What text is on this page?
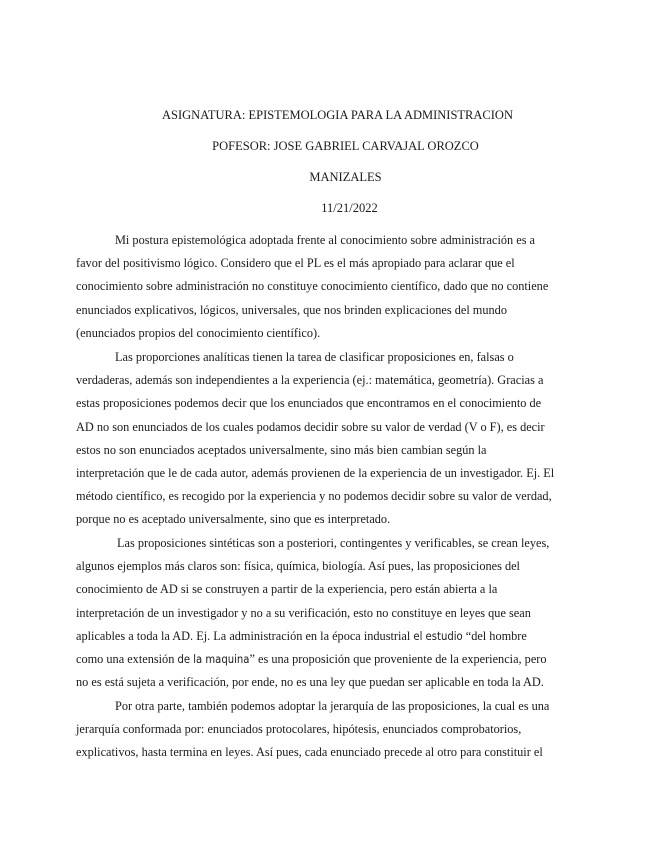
ASIGNATURA: EPISTEMOLOGIA PARA LA ADMINISTRACION
POFESOR: JOSE GABRIEL CARVAJAL OROZCO
MANIZALES
11/21/2022
Mi postura epistemológica adoptada frente al conocimiento sobre administración es a
favor del positivismo lógico. Considero que el PL es el más apropiado para aclarar que el
conocimiento sobre administración no constituye conocimiento científico, dado que no contiene
enunciados explicativos, lógicos, universales, que nos brinden explicaciones del mundo
(enunciados propios del conocimiento científico).
Las proporciones analíticas tienen la tarea de clasificar proposiciones en, falsas o
verdaderas, además son independientes a la experiencia (ej.: matemática, geometría). Gracias a
estas proposiciones podemos decir que los enunciados que encontramos en el conocimiento de
AD no son enunciados de los cuales podamos decidir sobre su valor de verdad (V o F), es decir
estos no son enunciados aceptados universalmente, sino más bien cambian según la
interpretación que le de cada autor, además provienen de la experiencia de un investigador. Ej. El
método científico, es recogido por la experiencia y no podemos decidir sobre su valor de verdad,
porque no es aceptado universalmente, sino que es interpretado.
Las proposiciones sintéticas son a posteriori, contingentes y verificables, se crean leyes,
algunos ejemplos más claros son: física, química, biología. Así pues, las proposiciones del
conocimiento de AD si se construyen a partir de la experiencia, pero están abierta a la
interpretación de un investigador y no a su verificación, esto no constituye en leyes que sean
aplicables a toda la AD. Ej. La administración en la época industrial el estudio “del hombre
como una extensión de la maquina” es una proposición que proveniente de la experiencia, pero
no es está sujeta a verificación, por ende, no es una ley que puedan ser aplicable en toda la AD.
Por otra parte, también podemos adoptar la jerarquía de las proposiciones, la cual es una
jerarquía conformada por: enunciados protocolares, hipótesis, enunciados comprobatorios,
explicativos, hasta termina en leyes. Así pues, cada enunciado precede al otro para constituir el
